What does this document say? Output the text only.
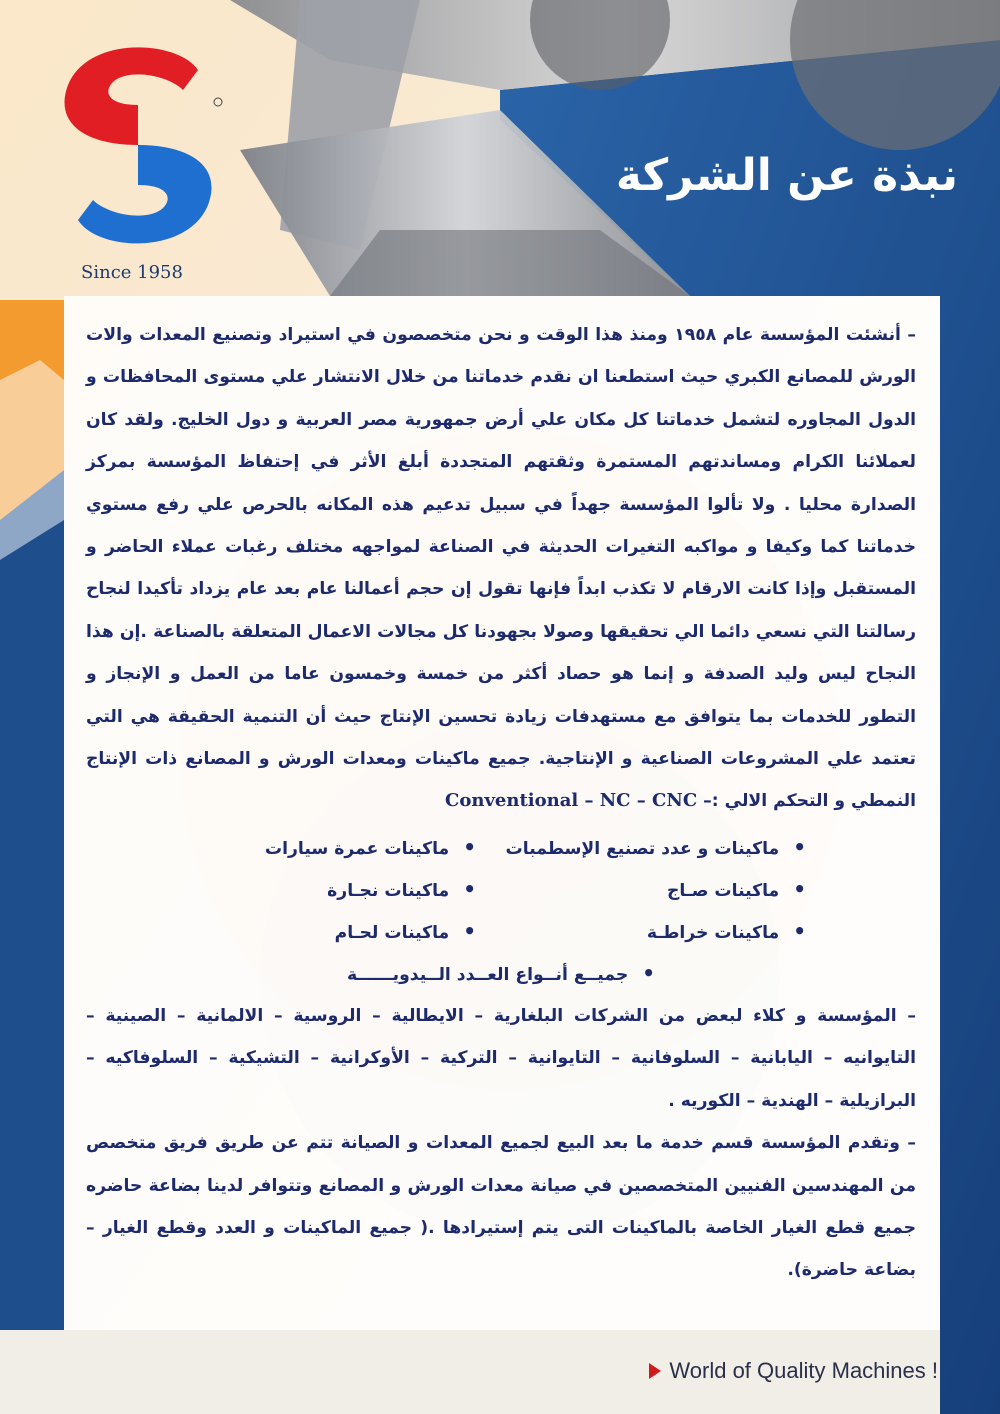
Since 1958
نبذة عن الشركة

– أنشئت المؤسسة عام ١٩٥٨ ومنذ هذا الوقت و نحن متخصصون في استيراد وتصنيع المعدات والات الورش للمصانع الكبري حيث استطعنا ان نقدم خدماتنا من خلال الانتشار علي مستوى المحافظات و الدول المجاوره لتشمل خدماتنا كل مكان علي أرض جمهورية مصر العربية و دول الخليج. ولقد كان لعملائنا الكرام ومساندتهم المستمرة وثقتهم المتجددة أبلغ الأثر في إحتفاظ المؤسسة بمركز الصدارة محليا . ولا تألوا المؤسسة جهداً في سبيل تدعيم هذه المكانه بالحرص علي رفع مستوي خدماتنا كما وكيفا و مواكبه التغيرات الحديثة في الصناعة لمواجهه مختلف رغبات عملاء الحاضر و المستقبل وإذا كانت الارقام لا تكذب ابداً فإنها تقول إن حجم أعمالنا عام بعد عام يزداد تأكيدا لنجاح رسالتنا التي نسعي دائما الي تحقيقها وصولا بجهودنا كل مجالات الاعمال المتعلقة بالصناعة .إن هذا النجاح ليس وليد الصدفة و إنما هو حصاد أكثر من خمسة وخمسون عاما من العمل و الإنجاز و التطور للخدمات بما يتوافق مع مستهدفات زيادة تحسين الإنتاج حيث أن التنمية الحقيقة هي التي تعتمد علي المشروعات الصناعية و الإنتاجية. جميع ماكينات ومعدات الورش و المصانع ذات الإنتاج النمطي و التحكم الالي :– Conventional – NC – CNC

• ماكينات و عدد تصنيع الإسطمبات
• ماكينات عمرة سيارات
• ماكينات صـاج
• ماكينات نجـارة
• ماكينات خراطـة
• ماكينات لحـام
• جميــع أنــواع العــدد الــيدويــــــة

– المؤسسة و كلاء لبعض من الشركات البلغارية – الايطالية – الروسية – الالمانية – الصينية – التايوانيه – اليابانية – السلوفانية – التايوانية – التركية – الأوكرانية – التشيكية – السلوفاكيه – البرازيلية – الهندية – الكوريه .

– وتقدم المؤسسة قسم خدمة ما بعد البيع لجميع المعدات و الصيانة تتم عن طريق فريق متخصص من المهندسين الفنيين المتخصصين في صيانة معدات الورش و المصانع وتتوافر لدينا بضاعة حاضره جميع قطع الغيار الخاصة بالماكينات التى يتم إستيرادها .( جميع الماكينات و العدد وقطع الغيار – بضاعة حاضرة).

World of Quality Machines !
